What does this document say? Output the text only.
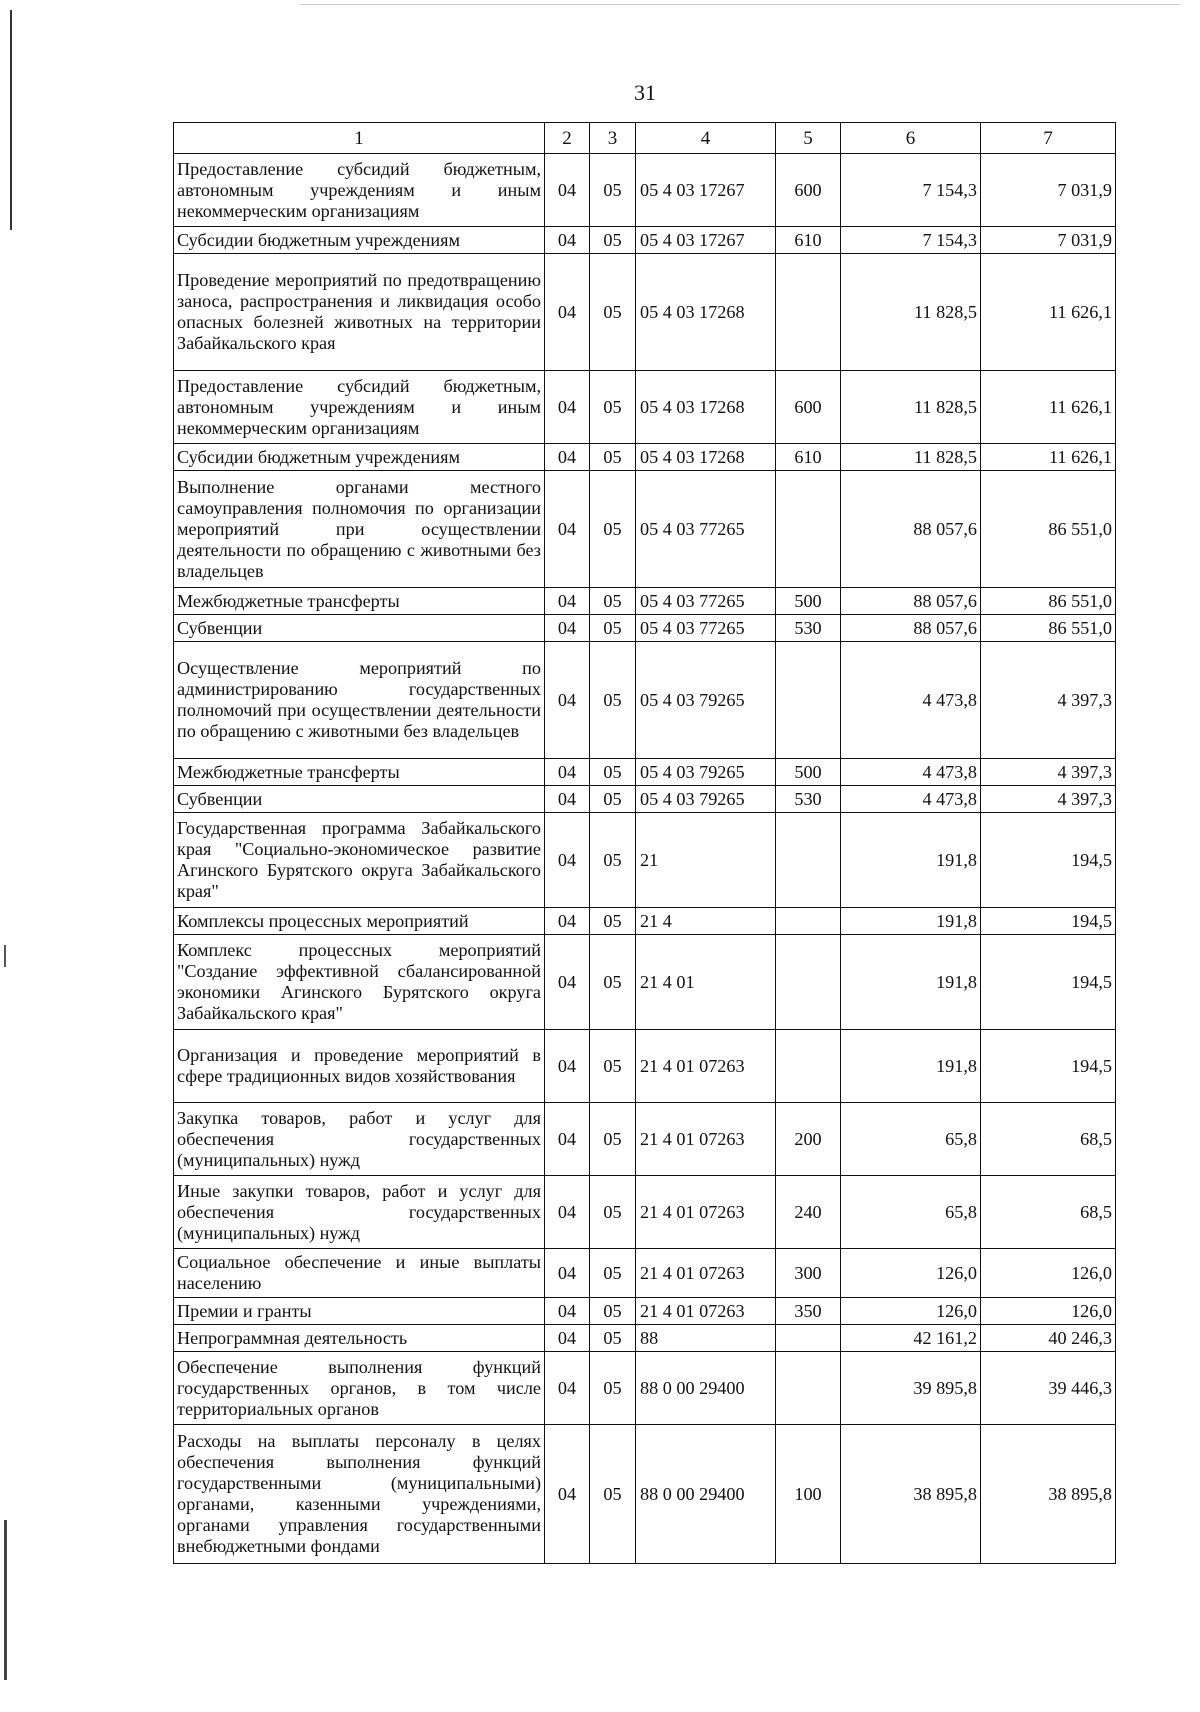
31
1	2	3	4	5	6	7
Предоставление субсидий бюджетным, автономным учреждениям и иным некоммерческим организациям	04	05	05 4 03 17267	600	7 154,3	7 031,9
Субсидии бюджетным учреждениям	04	05	05 4 03 17267	610	7 154,3	7 031,9
Проведение мероприятий по предотвращению заноса, распространения и ликвидация особо опасных болезней животных на территории Забайкальского края	04	05	05 4 03 17268		11 828,5	11 626,1
Предоставление субсидий бюджетным, автономным учреждениям и иным некоммерческим организациям	04	05	05 4 03 17268	600	11 828,5	11 626,1
Субсидии бюджетным учреждениям	04	05	05 4 03 17268	610	11 828,5	11 626,1
Выполнение органами местного самоуправления полномочия по организации мероприятий при осуществлении деятельности по обращению с животными без владельцев	04	05	05 4 03 77265		88 057,6	86 551,0
Межбюджетные трансферты	04	05	05 4 03 77265	500	88 057,6	86 551,0
Субвенции	04	05	05 4 03 77265	530	88 057,6	86 551,0
Осуществление мероприятий по администрированию государственных полномочий при осуществлении деятельности по обращению с животными без владельцев	04	05	05 4 03 79265		4 473,8	4 397,3
Межбюджетные трансферты	04	05	05 4 03 79265	500	4 473,8	4 397,3
Субвенции	04	05	05 4 03 79265	530	4 473,8	4 397,3
Государственная программа Забайкальского края "Социально-экономическое развитие Агинского Бурятского округа Забайкальского края"	04	05	21		191,8	194,5
Комплексы процессных мероприятий	04	05	21 4		191,8	194,5
Комплекс процессных мероприятий "Создание эффективной сбалансированной экономики Агинского Бурятского округа Забайкальского края"	04	05	21 4 01		191,8	194,5
Организация и проведение мероприятий в сфере традиционных видов хозяйствования	04	05	21 4 01 07263		191,8	194,5
Закупка товаров, работ и услуг для обеспечения государственных (муниципальных) нужд	04	05	21 4 01 07263	200	65,8	68,5
Иные закупки товаров, работ и услуг для обеспечения государственных (муниципальных) нужд	04	05	21 4 01 07263	240	65,8	68,5
Социальное обеспечение и иные выплаты населению	04	05	21 4 01 07263	300	126,0	126,0
Премии и гранты	04	05	21 4 01 07263	350	126,0	126,0
Непрограммная деятельность	04	05	88		42 161,2	40 246,3
Обеспечение выполнения функций государственных органов, в том числе территориальных органов	04	05	88 0 00 29400		39 895,8	39 446,3
Расходы на выплаты персоналу в целях обеспечения выполнения функций государственными (муниципальными) органами, казенными учреждениями, органами управления государственными внебюджетными фондами	04	05	88 0 00 29400	100	38 895,8	38 895,8
